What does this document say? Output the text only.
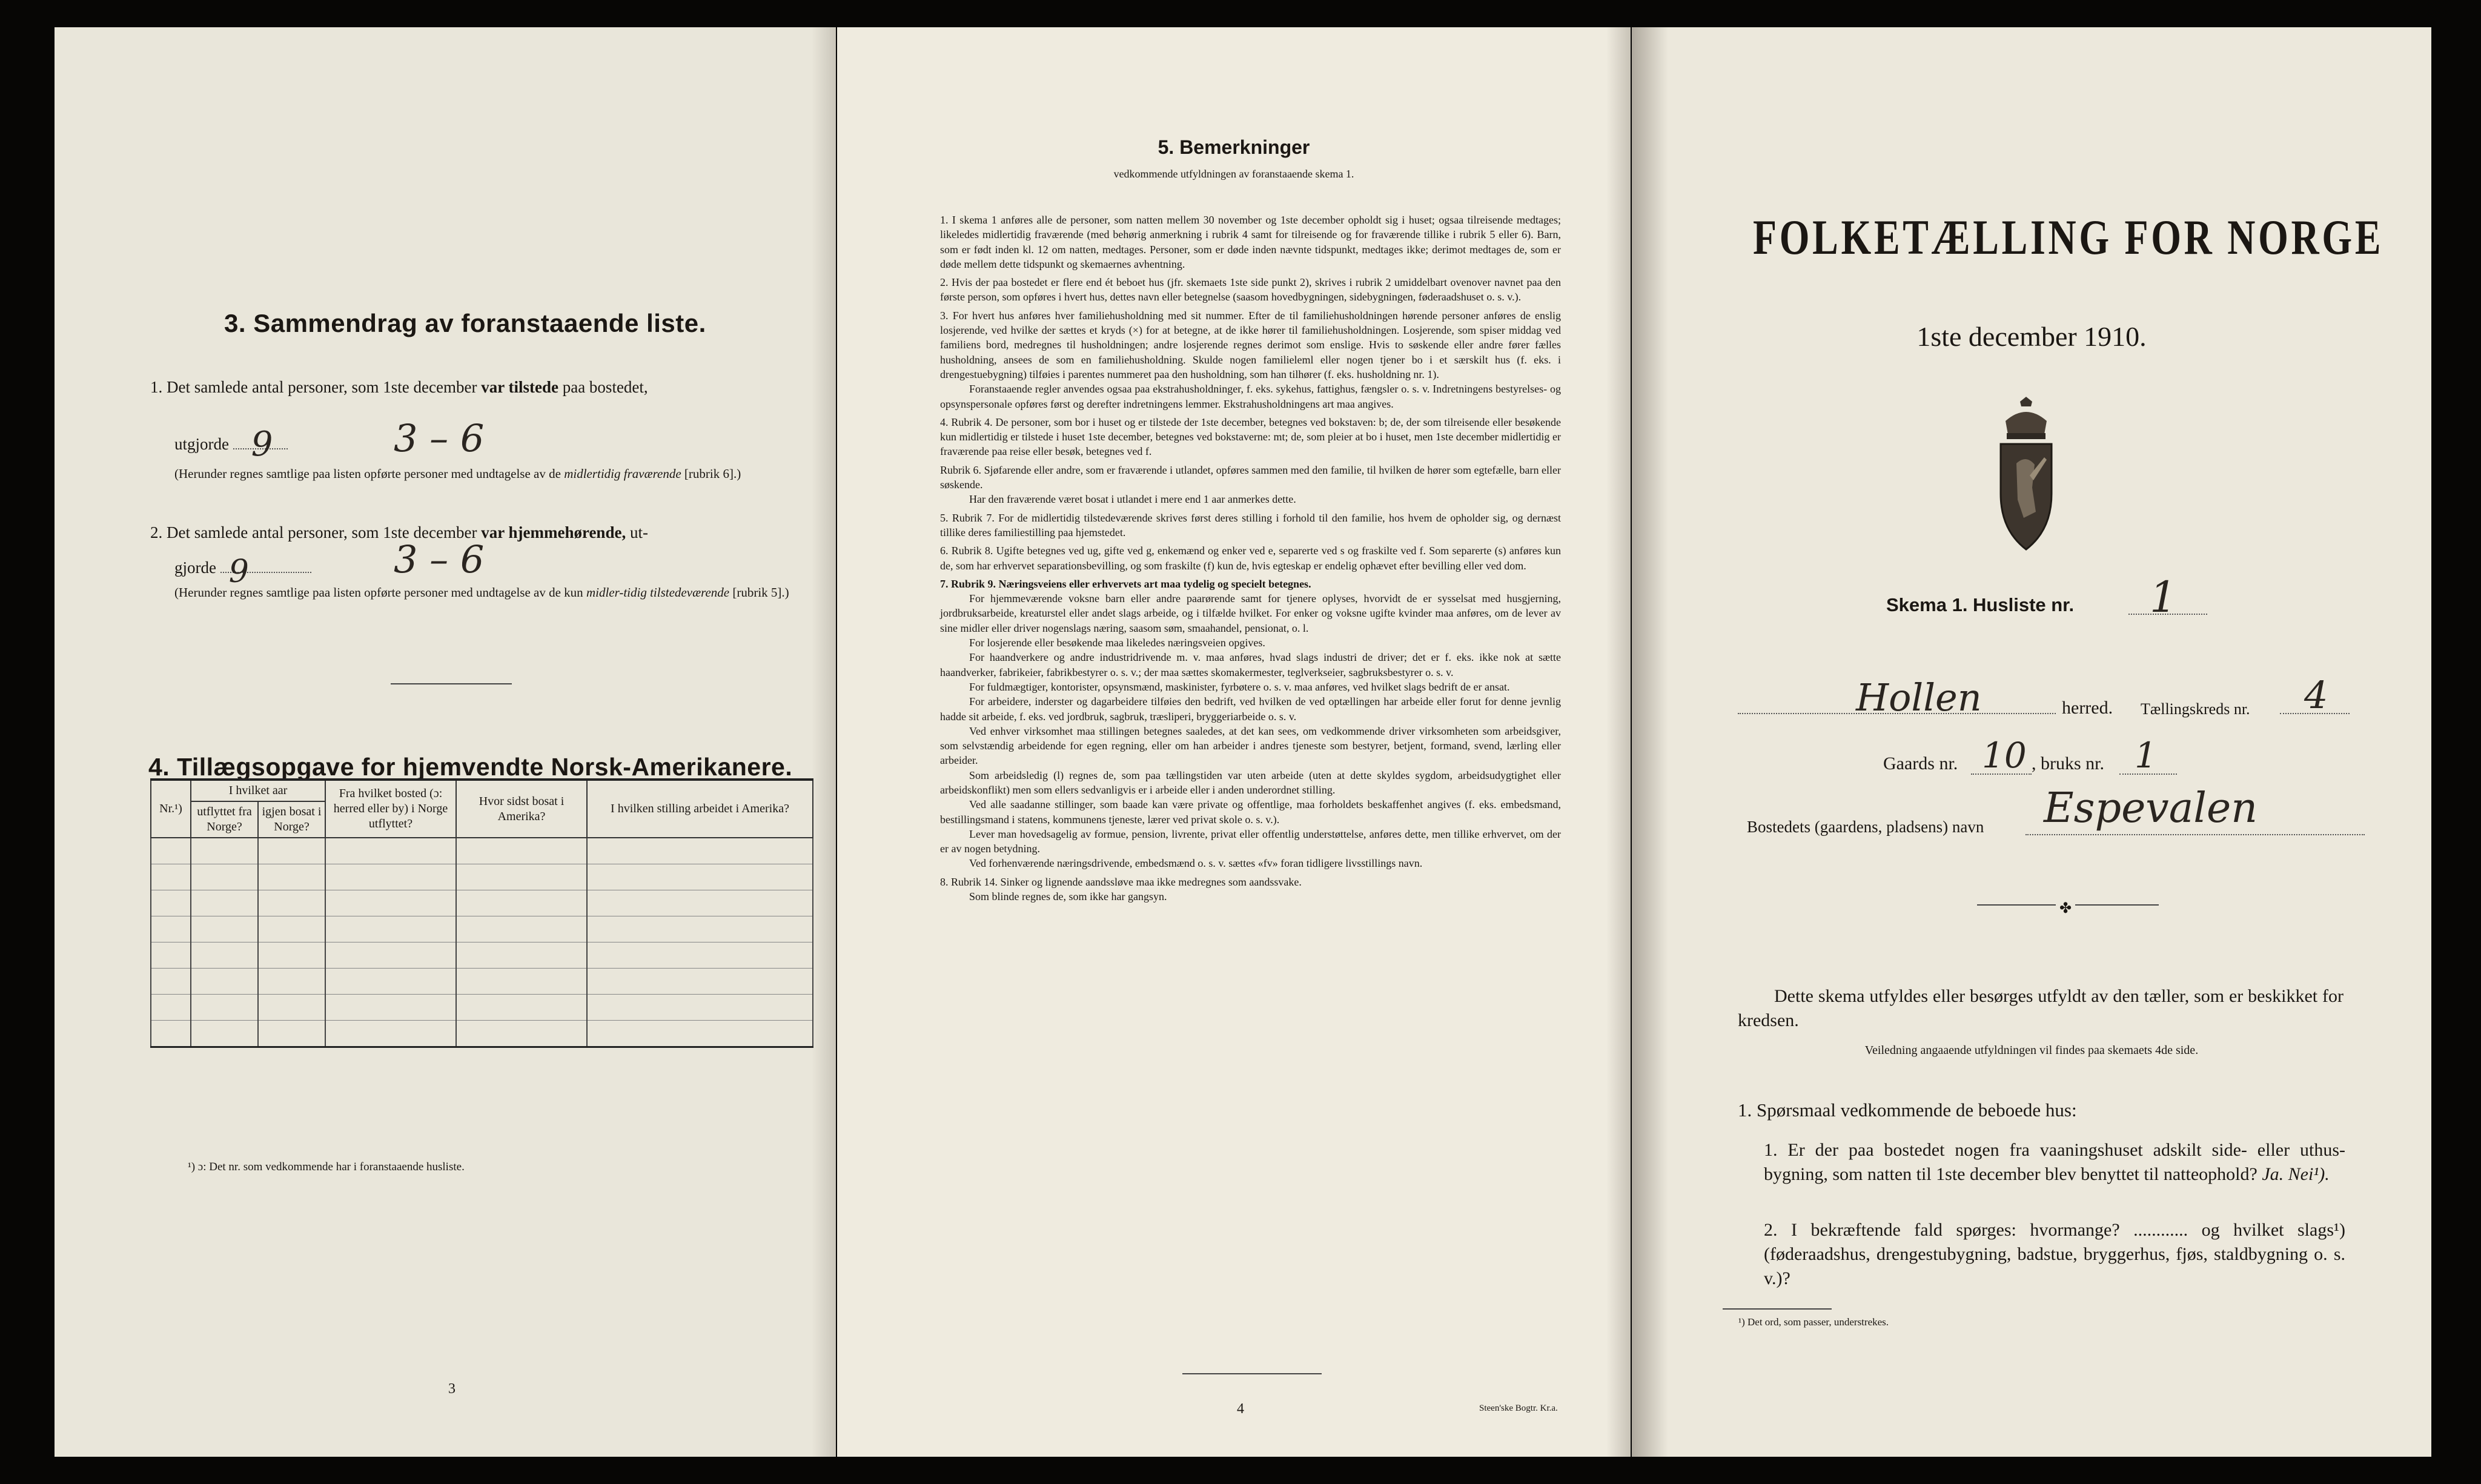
3. Sammendrag av foranstaaende liste.
1. Det samlede antal personer, som 1ste december var tilstede paa bostedet,
utgjorde 9	3 – 6
(Herunder regnes samtlige paa listen opførte personer med undtagelse av de midlertidig fraværende [rubrik 6].)
2. Det samlede antal personer, som 1ste december var hjemmehørende, ut-
gjorde 9	3 – 6
(Herunder regnes samtlige paa listen opførte personer med undtagelse av de kun midler-tidig tilstedeværende [rubrik 5].)
4. Tillægsopgave for hjemvendte Norsk-Amerikanere.
Nr.¹)	I hvilket aar		Fra hvilket bosted (ɔ: herred eller by) i Norge utflyttet?	Hvor sidst bosat i Amerika?	I hvilken stilling arbeidet i Amerika?
	utflyttet fra Norge?	igjen bosat i Norge?			

¹) ɔ: Det nr. som vedkommende har i foranstaaende husliste.
3
5. Bemerkninger
vedkommende utfyldningen av foranstaaende skema 1.

1. I skema 1 anføres alle de personer, som natten mellem 30 november og 1ste december opholdt sig i huset; ogsaa tilreisende medtages; likeledes midlertidig fraværende (med behørig anmerkning i rubrik 4 samt for tilreisende og for fraværende tillike i rubrik 5 eller 6). Barn, som er født inden kl. 12 om natten, medtages. Personer, som er døde inden nævnte tidspunkt, medtages ikke; derimot medtages de, som er døde mellem dette tidspunkt og skemaernes avhentning.

2. Hvis der paa bostedet er flere end ét beboet hus (jfr. skemaets 1ste side punkt 2), skrives i rubrik 2 umiddelbart ovenover navnet paa den første person, som opføres i hvert hus, dettes navn eller betegnelse (saasom hovedbygningen, sidebygningen, føderaadshuset o. s. v.).

3. For hvert hus anføres hver familiehusholdning med sit nummer. Efter de til familiehusholdningen hørende personer anføres de enslig losjerende, ved hvilke der sættes et kryds (×) for at betegne, at de ikke hører til familiehusholdningen. Losjerende, som spiser middag ved familiens bord, medregnes til husholdningen; andre losjerende regnes derimot som enslige. Hvis to søskende eller andre fører fælles husholdning, ansees de som en familiehusholdning. Skulde nogen familieleml eller nogen tjener bo i et særskilt hus (f. eks. i drengestuebygning) tilføies i parentes nummeret paa den husholdning, som han tilhører (f. eks. husholdning nr. 1).

Foranstaaende regler anvendes ogsaa paa ekstrahusholdninger, f. eks. sykehus, fattighus, fængsler o. s. v. Indretningens bestyrelses- og opsynspersonale opføres først og derefter indretningens lemmer. Ekstrahusholdningens art maa angives.

4. Rubrik 4. De personer, som bor i huset og er tilstede der 1ste december, betegnes ved bokstaven: b; de, der som tilreisende eller besøkende kun midlertidig er tilstede i huset 1ste december, betegnes ved bokstaverne: mt; de, som pleier at bo i huset, men 1ste december midlertidig er fraværende paa reise eller besøk, betegnes ved f.

Rubrik 6. Sjøfarende eller andre, som er fraværende i utlandet, opføres sammen med den familie, til hvilken de hører som egtefælle, barn eller søskende.

Har den fraværende været bosat i utlandet i mere end 1 aar anmerkes dette.

5. Rubrik 7. For de midlertidig tilstedeværende skrives først deres stilling i forhold til den familie, hos hvem de opholder sig, og dernæst tillike deres familiestilling paa hjemstedet.

6. Rubrik 8. Ugifte betegnes ved ug, gifte ved g, enkemænd og enker ved e, separerte ved s og fraskilte ved f. Som separerte (s) anføres kun de, som har erhvervet separationsbevilling, og som fraskilte (f) kun de, hvis egteskap er endelig ophævet efter bevilling eller ved dom.

7. Rubrik 9. Næringsveiens eller erhvervets art maa tydelig og specielt betegnes.

For hjemmeværende voksne barn eller andre paarørende samt for tjenere oplyses, hvorvidt de er sysselsat med husgjerning, jordbruksarbeide, kreaturstel eller andet slags arbeide, og i tilfælde hvilket. For enker og voksne ugifte kvinder maa anføres, om de lever av sine midler eller driver nogenslags næring, saasom søm, smaahandel, pensionat, o. l.

For losjerende eller besøkende maa likeledes næringsveien opgives.

For haandverkere og andre industridrivende m. v. maa anføres, hvad slags industri de driver; det er f. eks. ikke nok at sætte haandverker, fabrikeier, fabrikbestyrer o. s. v.; der maa sættes skomakermester, teglverkseier, sagbruksbestyrer o. s. v.

For fuldmægtiger, kontorister, opsynsmænd, maskinister, fyrbøtere o. s. v. maa anføres, ved hvilket slags bedrift de er ansat.

For arbeidere, inderster og dagarbeidere tilføies den bedrift, ved hvilken de ved optællingen har arbeide eller forut for denne jevnlig hadde sit arbeide, f. eks. ved jordbruk, sagbruk, træsliperi, bryggeriarbeide o. s. v.

Ved enhver virksomhet maa stillingen betegnes saaledes, at det kan sees, om vedkommende driver virksomheten som arbeidsgiver, som selvstændig arbeidende for egen regning, eller om han arbeider i andres tjeneste som bestyrer, betjent, formand, svend, lærling eller arbeider.

Som arbeidsledig (l) regnes de, som paa tællingstiden var uten arbeide (uten at dette skyldes sygdom, arbeidsudygtighet eller arbeidskonflikt) men som ellers sedvanligvis er i arbeide eller i anden underordnet stilling.

Ved alle saadanne stillinger, som baade kan være private og offentlige, maa forholdets beskaffenhet angives (f. eks. embedsmand, bestillingsmand i statens, kommunens tjeneste, lærer ved privat skole o. s. v.).

Lever man hovedsagelig av formue, pension, livrente, privat eller offentlig understøttelse, anføres dette, men tillike erhvervet, om der er av nogen betydning.

Ved forhenværende næringsdrivende, embedsmænd o. s. v. sættes «fv» foran tidligere livsstillings navn.

8. Rubrik 14. Sinker og lignende aandssløve maa ikke medregnes som aandssvake.

Som blinde regnes de, som ikke har gangsyn.

4	Steen'ske Bogtr. Kr.a.
FOLKETÆLLING FOR NORGE
1ste december 1910.
Skema 1. Husliste nr. 1
Hollen	herred. Tællingskreds nr. 4
Gaards nr. 10 , bruks nr. 1
Bostedets (gaardens, pladsens) navn Espevalen
✤
Dette skema utfyldes eller besørges utfyldt av den tæller, som er beskikket for kredsen.
Veiledning angaaende utfyldningen vil findes paa skemaets 4de side.
1. Spørsmaal vedkommende de beboede hus:
1. Er der paa bostedet nogen fra vaaningshuset adskilt side- eller uthus-bygning, som natten til 1ste december blev benyttet til natteophold? Ja. Nei¹).
2. I bekræftende fald spørges: hvormange? ............ og hvilket slags¹) (føderaadshus, drengestubygning, badstue, bryggerhus, fjøs, staldbygning o. s. v.)?
¹) Det ord, som passer, understrekes.
